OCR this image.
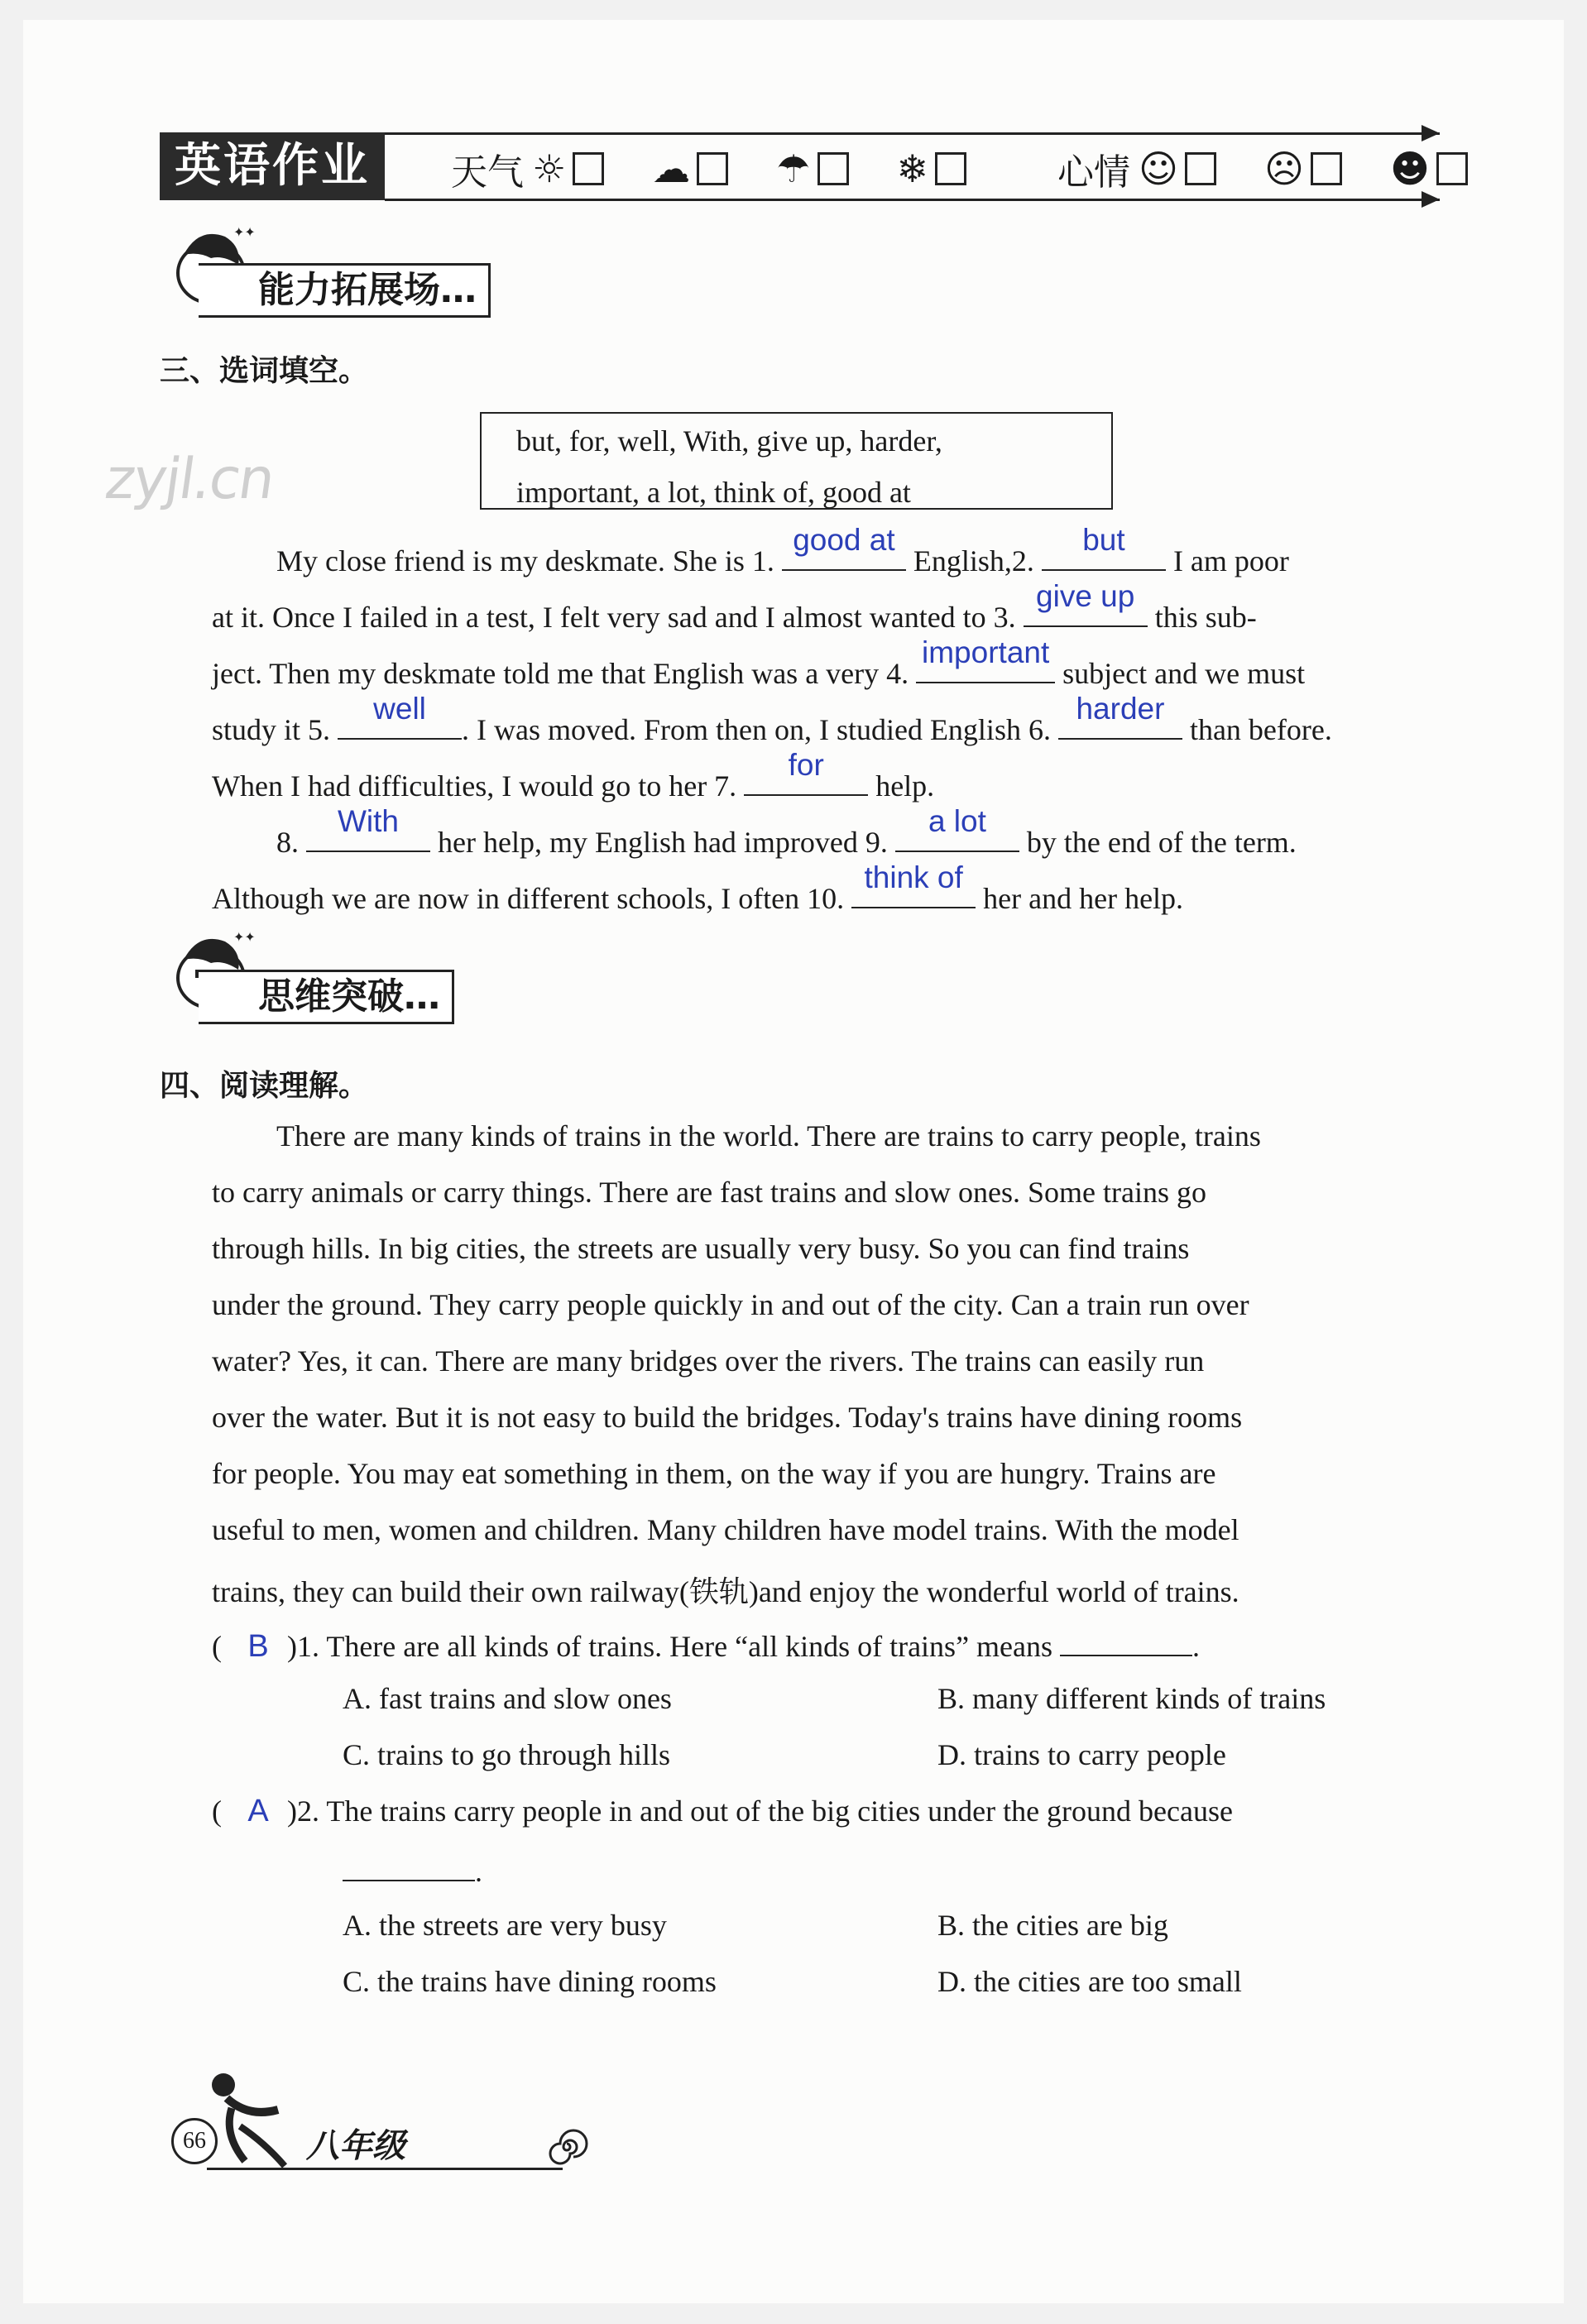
英语作业	天气 ☼ ☁ ☂ ❄	心情 ☺ ☹ ☻
✦✦
能力拓展场…
三、选词填空。
zyjl.cn
but, for, well, With, give up, harder,
important, a lot, think of, good at
My close friend is my deskmate. She is 1.
good at
English,2.
but
I am poor
at it. Once I failed in a test, I felt very sad and I almost wanted to 3.
give up
this sub-
ject. Then my deskmate told me that English was a very 4.
important
subject and we must
study it 5.
well
. I was moved. From then on, I studied English 6.
harder
than before.
When I had difficulties, I would go to her 7.
for
help.
8.
With
her help, my English had improved 9.
a lot
by the end of the term.
Although we are now in different schools, I often 10.
think of
her and her help.
✦✦
思维突破…
四、阅读理解。
There are many kinds of trains in the world. There are trains to carry people, trains
to carry animals or carry things. There are fast trains and slow ones. Some trains go
through hills. In big cities, the streets are usually very busy. So you can find trains
under the ground. They carry people quickly in and out of the city. Can a train run over
water? Yes, it can. There are many bridges over the rivers. The trains can easily run
over the water. But it is not easy to build the bridges. Today's trains have dining rooms
for people. You may eat something in them, on the way if you are hungry. Trains are
useful to men, women and children. Many children have model trains. With the model
trains, they can build their own railway(铁轨)and enjoy the wonderful world of trains.
( B )1. There are all kinds of trains. Here “all kinds of trains” means	.
A. fast trains and slow ones	B. many different kinds of trains
C. trains to go through hills	D. trains to carry people
( A )2. The trains carry people in and out of the big cities under the ground because
.
A. the streets are very busy	B. the cities are big
C. the trains have dining rooms	D. the cities are too small
66	八年级
